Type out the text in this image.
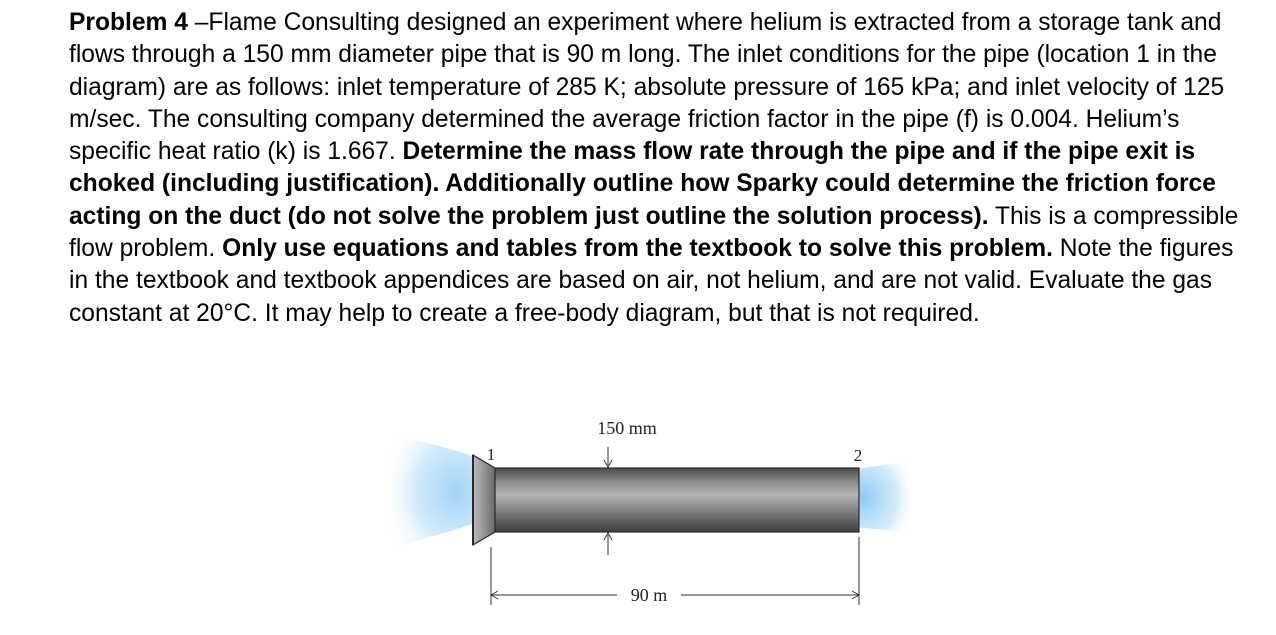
Problem 4 –Flame Consulting designed an experiment where helium is extracted from a storage tank and flows through a 150 mm diameter pipe that is 90 m long. The inlet conditions for the pipe (location 1 in the diagram) are as follows: inlet temperature of 285 K; absolute pressure of 165 kPa; and inlet velocity of 125 m/sec. The consulting company determined the average friction factor in the pipe (f) is 0.004. Helium’s specific heat ratio (k) is 1.667. Determine the mass flow rate through the pipe and if the pipe exit is choked (including justification). Additionally outline how Sparky could determine the friction force acting on the duct (do not solve the problem just outline the solution process). This is a compressible flow problem. Only use equations and tables from the textbook to solve this problem. Note the figures in the textbook and textbook appendices are based on air, not helium, and are not valid. Evaluate the gas constant at 20°C. It may help to create a free-body diagram, but that is not required.

150 mm
1	2
90 m
